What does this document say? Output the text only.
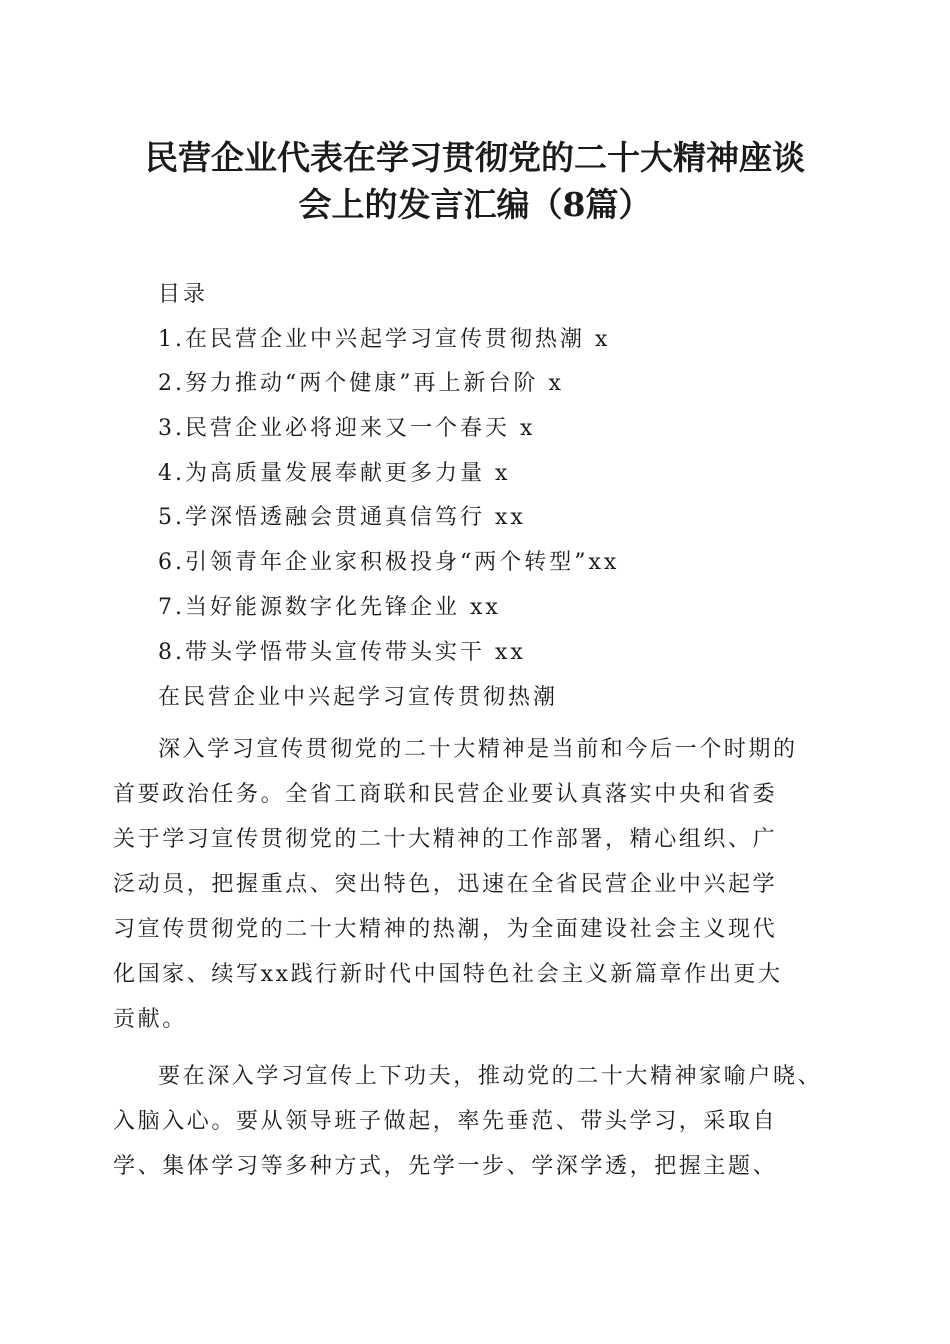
民营企业代表在学习贯彻党的二十大精神座谈
会上的发言汇编（8篇）
目录
1.在民营企业中兴起学习宣传贯彻热潮 x
2.努力推动“两个健康”再上新台阶 x
3.民营企业必将迎来又一个春天 x
4.为高质量发展奉献更多力量 x
5.学深悟透融会贯通真信笃行 xx
6.引领青年企业家积极投身“两个转型”xx
7.当好能源数字化先锋企业 xx
8.带头学悟带头宣传带头实干 xx
在民营企业中兴起学习宣传贯彻热潮
深入学习宣传贯彻党的二十大精神是当前和今后一个时期的
首要政治任务。全省工商联和民营企业要认真落实中央和省委
关于学习宣传贯彻党的二十大精神的工作部署，精心组织、广
泛动员，把握重点、突出特色，迅速在全省民营企业中兴起学
习宣传贯彻党的二十大精神的热潮，为全面建设社会主义现代
化国家、续写xx践行新时代中国特色社会主义新篇章作出更大
贡献。
要在深入学习宣传上下功夫，推动党的二十大精神家喻户晓、
入脑入心。要从领导班子做起，率先垂范、带头学习，采取自
学、集体学习等多种方式，先学一步、学深学透，把握主题、
